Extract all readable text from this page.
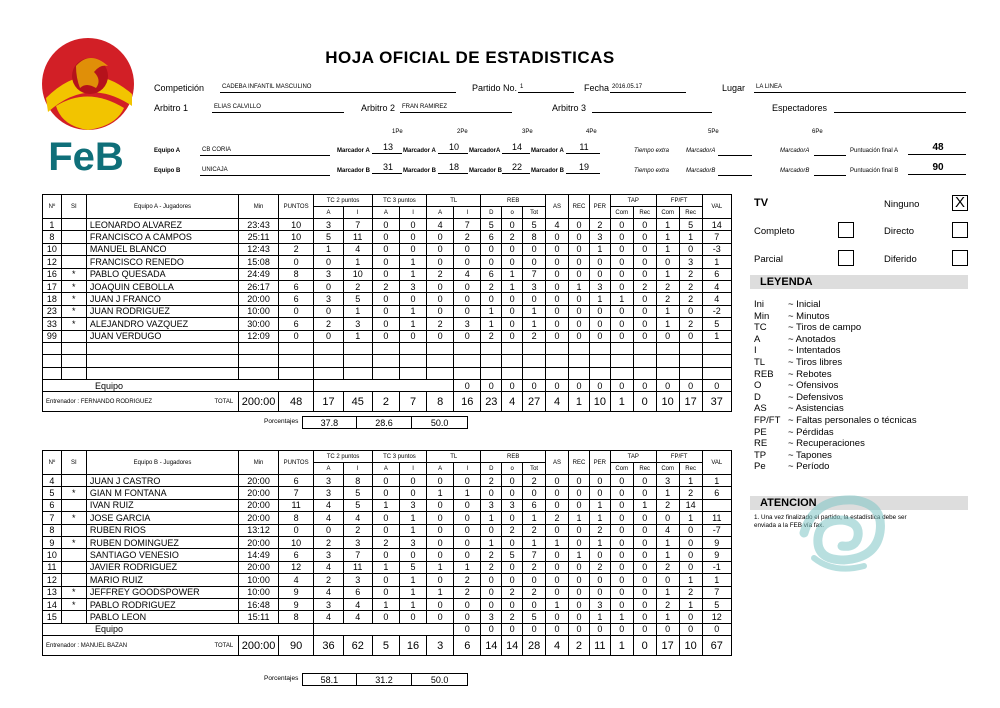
FeB
HOJA OFICIAL DE ESTADISTICAS
Competición	CADEBA INFANTIL MASCULINO	Partido No. 1	Fecha 2016.05.17	Lugar	LA LINEA
Arbitro 1	ELIAS CALVILLO	Arbitro 2	FRAN RAMIREZ	Arbitro 3	Espectadores
1Pe	2Pe	3Pe	4Pe	5Pe	6Pe
Equipo A	CB CORIA	Marcador A	13	Marcador A	10	MarcadorA	14	Marcador A	11	Tiempo extra	MarcadorA	MarcadorA	Puntuación final A	48
Equipo B	UNICAJA	Marcador B	31	Marcador B	18	Marcador B	22	Marcador B	19	Tiempo extra	MarcadorB	MarcadorB	Puntuación final B	90
Nº	SI	Equipo A - Jugadores	Min	PUNTOS	TC 2 puntos		TC 3 puntos		TL		REB			AS	REC	PER	TAP		FP/FT		VAL
					A	I	A	I	A	I	D	o	Tot				Com	Rec	Com	Rec	
1		LEONARDO ALVAREZ	23:43	10	3	7	0	0	4	7	5	0	5	4	0	2	0	0	1	5	14
8		FRANCISCO A CAMPOS	25:11	10	5	11	0	0	0	2	6	2	8	0	0	3	0	0	1	1	7
10		MANUEL BLANCO	12:43	2	1	4	0	0	0	0	0	0	0	0	0	1	0	0	1	0	-3
12		FRANCISCO RENEDO	15:08	0	0	1	0	1	0	0	0	0	0	0	0	0	0	0	0	3	1
16	*	PABLO QUESADA	24:49	8	3	10	0	1	2	4	6	1	7	0	0	0	0	0	1	2	6
17	*	JOAQUIN CEBOLLA	26:17	6	0	2	2	3	0	0	2	1	3	0	1	3	0	2	2	2	4
18	*	JUAN J FRANCO	20:00	6	3	5	0	0	0	0	0	0	0	0	0	1	1	0	2	2	4
23	*	JUAN RODRIGUEZ	10:00	0	0	1	0	1	0	0	1	0	1	0	0	0	0	0	1	0	-2
33	*	ALEJANDRO VAZQUEZ	30:00	6	2	3	0	1	2	3	1	0	1	0	0	0	0	0	1	2	5
99		JUAN VERDUGO	12:09	0	0	1	0	0	0	0	2	0	2	0	0	0	0	0	0	0	1

Equipo										0	0	0	0	0	0	0	0	0	0	0	0
Entrenador : FERNANDO RODRIGUEZ TOTAL			200:00	48	17	45	2	7	8	16	23	4	27	4	1	10	1	0	10	17	37
37.8	28.6	50.0
Porcentajes
Nº	SI	Equipo B - Jugadores	Min	PUNTOS	TC 2 puntos		TC 3 puntos		TL		REB			AS	REC	PER	TAP		FP/FT		VAL
					A	I	A	I	A	I	D	o	Tot				Com	Rec	Com	Rec	
4		JUAN J CASTRO	20:00	6	3	8	0	0	0	0	2	0	2	0	0	0	0	0	3	1	1
5	*	GIAN M FONTANA	20:00	7	3	5	0	0	1	1	0	0	0	0	0	0	0	0	1	2	6
6		IVAN RUIZ	20:00	11	4	5	1	3	0	0	3	3	6	0	0	1	0	1	2	14	
7	*	JOSE GARCIA	20:00	8	4	4	0	1	0	0	1	0	1	2	1	1	0	0	0	1	11
8		RUBEN RIOS	13:12	0	0	2	0	1	0	0	0	2	2	0	0	2	0	0	4	0	-7
9	*	RUBEN DOMINGUEZ	20:00	10	2	3	2	3	0	0	1	0	1	1	0	1	0	0	1	0	9
10		SANTIAGO VENESIO	14:49	6	3	7	0	0	0	0	2	5	7	0	1	0	0	0	1	0	9
11		JAVIER RODRIGUEZ	20:00	12	4	11	1	5	1	1	2	0	2	0	0	2	0	0	2	0	-1
12		MARIO RUIZ	10:00	4	2	3	0	1	0	2	0	0	0	0	0	0	0	0	0	1	1
13	*	JEFFREY GOODSPOWER	10:00	9	4	6	0	1	1	2	0	2	2	0	0	0	0	0	1	2	7
14	*	PABLO RODRIGUEZ	16:48	9	3	4	1	1	0	0	0	0	0	1	0	3	0	0	2	1	5
15		PABLO LEON	15:11	8	4	4	0	0	0	0	3	2	5	0	0	1	1	0	1	0	12
Equipo										0	0	0	0	0	0	0	0	0	0	0	0
Entrenador : MANUEL BAZAN TOTAL			200:00	90	36	62	5	16	3	6	14	14	28	4	2	11	1	0	17	10	67
58.1	31.2	50.0
Porcentajes
TV	Ninguno X
Completo	Directo
Parcial	Diferido
LEYENDA
Ini	~ Inicial
Min	~ Minutos
TC	~ Tiros de campo
A	~ Anotados
I	~ Intentados
TL	~ Tiros libres
REB	~ Rebotes
O	~ Ofensivos
D	~ Defensivos
AS	~ Asistencias
FP/FT ~ Faltas personales o técnicas
PE	~ Pérdidas
RE	~ Recuperaciones
TP	~ Tapones
Pe	~ Período
ATENCION
1. Una vez finalizado el partido, la estadística debe ser enviada a la FEB vía fax.
